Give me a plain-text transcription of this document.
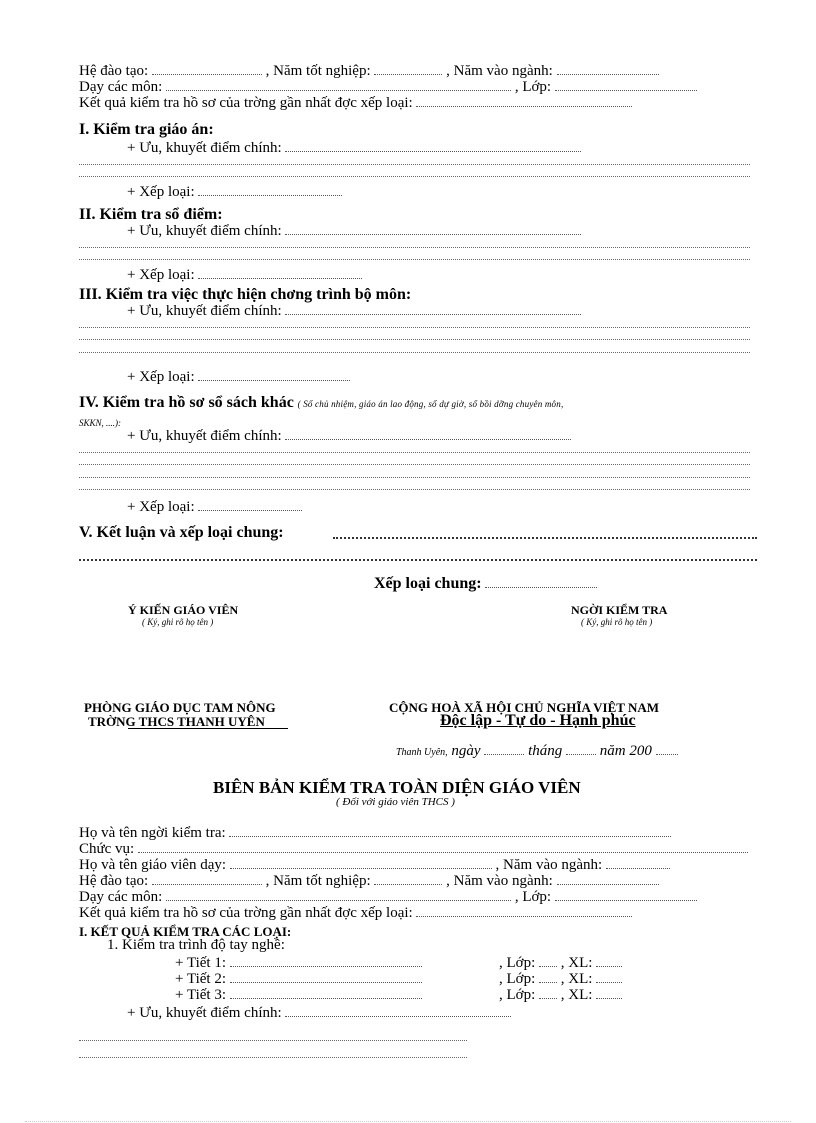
Hệ đào tạo:	, Năm tốt nghiệp:	, Năm vào ngành:
Dạy các môn:	, Lớp:
Kết quả kiểm tra hồ sơ của trờng gần nhất đợc xếp loại:
I. Kiểm tra giáo án:
+ Ưu, khuyết điểm chính:
+ Xếp loại:
II. Kiểm tra sổ điểm:
+ Ưu, khuyết điểm chính:
+ Xếp loại:
III. Kiểm tra việc thực hiện chơng trình bộ môn:
+ Ưu, khuyết điểm chính:
+ Xếp loại:
IV. Kiểm tra hồ sơ sổ sách khác ( Sổ chủ nhiệm, giáo án lao động, sổ dự giờ, sổ bồi dỡng chuyên môn,
SKKN, ....):
+ Ưu, khuyết điểm chính:
+ Xếp loại:
V. Kết luận và xếp loại chung:
Xếp loại chung:
Ý KIẾN GIÁO VIÊN
( Ký, ghi rõ họ tên )
NGỜI KIỂM TRA
( Ký, ghi rõ họ tên )
PHÒNG GIÁO DỤC TAM NÔNG
TRỜNG THCS THANH UYÊN
CỘNG HOÀ XÃ HỘI CHỦ NGHĨA VIỆT NAM
Độc lập - Tự do - Hạnh phúc
Thanh Uyên, ngày	tháng	năm 200
BIÊN BẢN KIỂM TRA TOÀN DIỆN GIÁO VIÊN
( Đối với giáo viên THCS )
Họ và tên ngời kiểm tra:
Chức vụ:
Họ và tên giáo viên dạy:	, Năm vào ngành:
Hệ đào tạo:	, Năm tốt nghiệp:	, Năm vào ngành:
Dạy các môn:	, Lớp:
Kết quả kiểm tra hồ sơ của trờng gần nhất đợc xếp loại:
I. KẾT QUẢ KIỂM TRA CÁC LOẠI:
1. Kiểm tra trình độ tay nghề:
+ Tiết 1:	, Lớp: , XL:
+ Tiết 2:	, Lớp: , XL:
+ Tiết 3:	, Lớp: , XL:
+ Ưu, khuyết điểm chính:
